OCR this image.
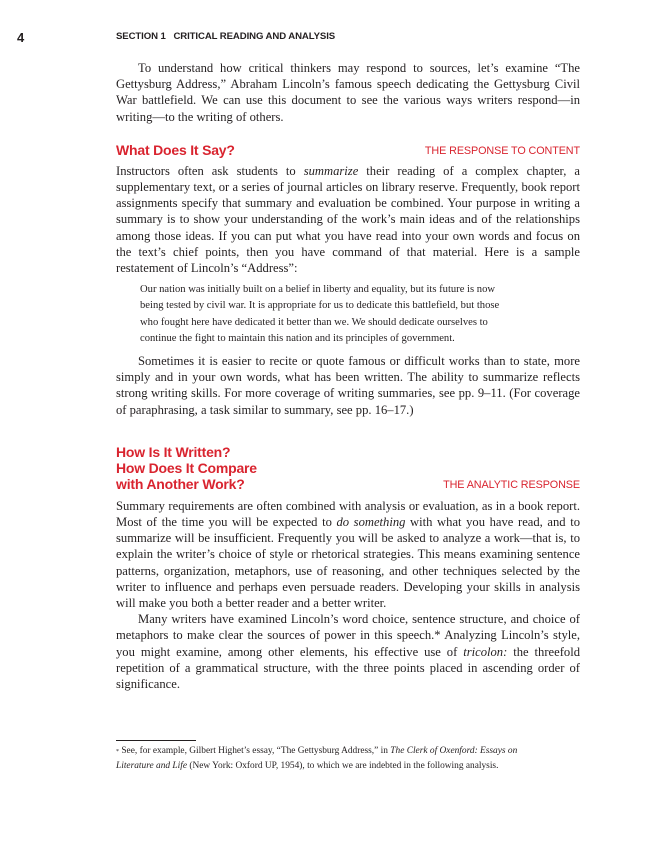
4	SECTION 1   CRITICAL READING AND ANALYSIS

To understand how critical thinkers may respond to sources, let’s examine “The Gettysburg Address,” Abraham Lincoln’s famous speech dedicating the Gettysburg Civil War battlefield. We can use this document to see the various ways writers respond—in writing—to the writing of others.

What Does It Say?	THE RESPONSE TO CONTENT

Instructors often ask students to summarize their reading of a complex chapter, a supplementary text, or a series of journal articles on library reserve. Frequently, book report assignments specify that summary and evaluation be combined. Your purpose in writing a summary is to show your understanding of the work’s main ideas and of the relationships among those ideas. If you can put what you have read into your own words and focus on the text’s chief points, then you have command of that material. Here is a sample restatement of Lincoln’s “Address”:

Our nation was initially built on a belief in liberty and equality, but its future is now
being tested by civil war. It is appropriate for us to dedicate this battlefield, but those
who fought here have dedicated it better than we. We should dedicate ourselves to
continue the fight to maintain this nation and its principles of government.

Sometimes it is easier to recite or quote famous or difficult works than to state, more simply and in your own words, what has been written. The ability to summarize reflects strong writing skills. For more coverage of writing summaries, see pp. 9–11. (For coverage of paraphrasing, a task similar to summary, see pp. 16–17.)

How Is It Written?
How Does It Compare
with Another Work?	THE ANALYTIC RESPONSE

Summary requirements are often combined with analysis or evaluation, as in a book report. Most of the time you will be expected to do something with what you have read, and to summarize will be insufficient. Frequently you will be asked to analyze a work—that is, to explain the writer’s choice of style or rhetorical strategies. This means examining sentence patterns, organization, metaphors, use of reasoning, and other techniques selected by the writer to influence and perhaps even persuade readers. Developing your skills in analysis will make you both a better reader and a better writer.

Many writers have examined Lincoln’s word choice, sentence structure, and choice of metaphors to make clear the sources of power in this speech.* Analyzing Lincoln’s style, you might examine, among other elements, his effective use of tricolon: the threefold repetition of a grammatical structure, with the three points placed in ascending order of significance.

* See, for example, Gilbert Highet’s essay, “The Gettysburg Address,” in The Clerk of Oxenford: Essays on
Literature and Life (New York: Oxford UP, 1954), to which we are indebted in the following analysis.
